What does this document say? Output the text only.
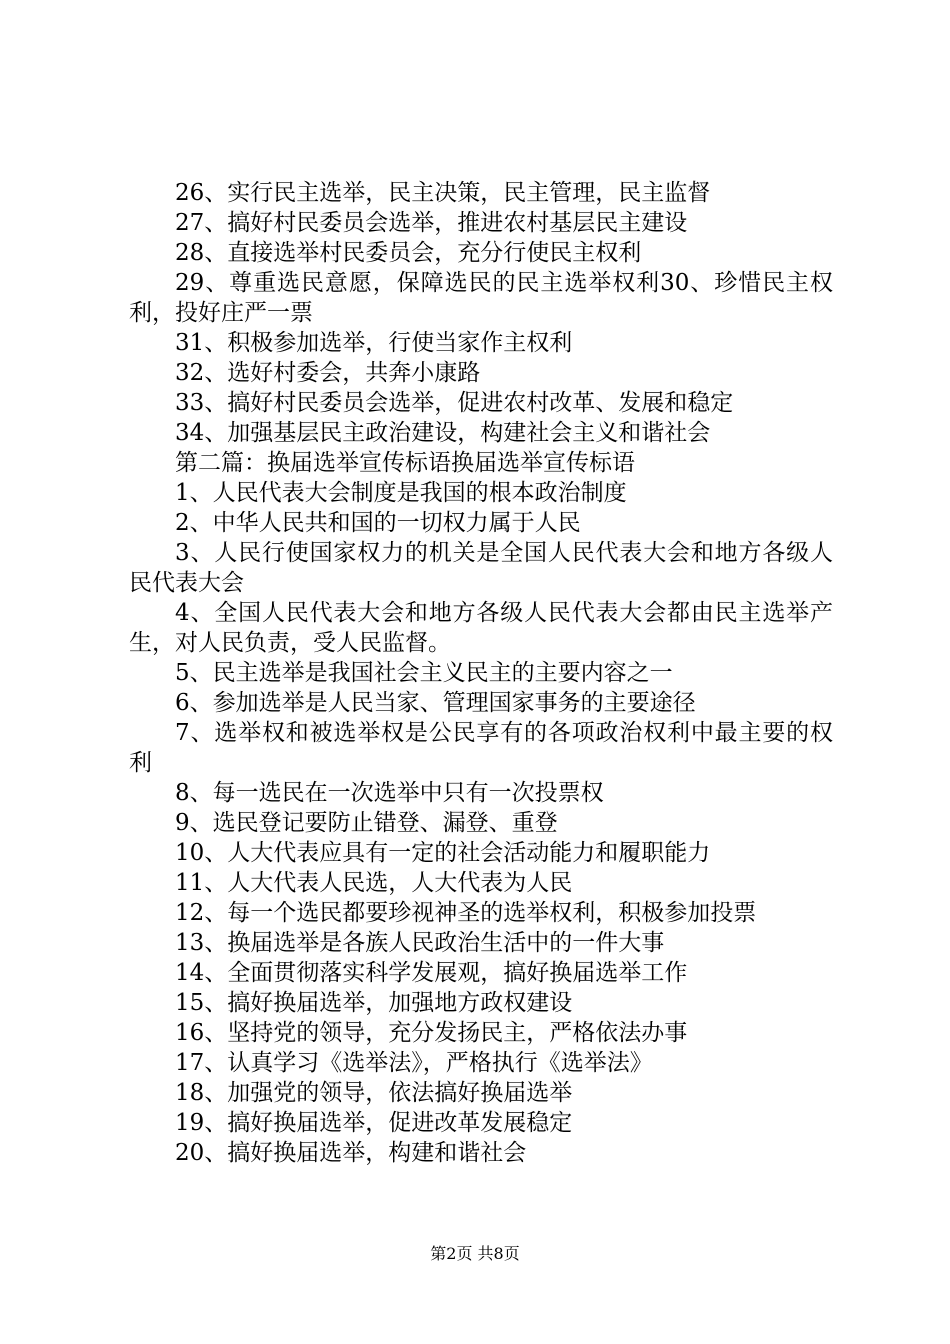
26、实行民主选举，民主决策，民主管理，民主监督

27、搞好村民委员会选举，推进农村基层民主建设

28、直接选举村民委员会，充分行使民主权利

29、尊重选民意愿，保障选民的民主选举权利30、珍惜民主权利，投好庄严一票

31、积极参加选举，行使当家作主权利

32、选好村委会，共奔小康路

33、搞好村民委员会选举，促进农村改革、发展和稳定

34、加强基层民主政治建设，构建社会主义和谐社会

第二篇：换届选举宣传标语换届选举宣传标语

1、人民代表大会制度是我国的根本政治制度

2、中华人民共和国的一切权力属于人民

3、人民行使国家权力的机关是全国人民代表大会和地方各级人民代表大会

4、全国人民代表大会和地方各级人民代表大会都由民主选举产生，对人民负责，受人民监督。

5、民主选举是我国社会主义民主的主要内容之一

6、参加选举是人民当家、管理国家事务的主要途径

7、选举权和被选举权是公民享有的各项政治权利中最主要的权利

8、每一选民在一次选举中只有一次投票权

9、选民登记要防止错登、漏登、重登

10、人大代表应具有一定的社会活动能力和履职能力

11、人大代表人民选，人大代表为人民

12、每一个选民都要珍视神圣的选举权利，积极参加投票

13、换届选举是各族人民政治生活中的一件大事

14、全面贯彻落实科学发展观，搞好换届选举工作

15、搞好换届选举，加强地方政权建设

16、坚持党的领导，充分发扬民主，严格依法办事

17、认真学习《选举法》，严格执行《选举法》

18、加强党的领导，依法搞好换届选举

19、搞好换届选举，促进改革发展稳定

20、搞好换届选举，构建和谐社会

第2页 共8页
